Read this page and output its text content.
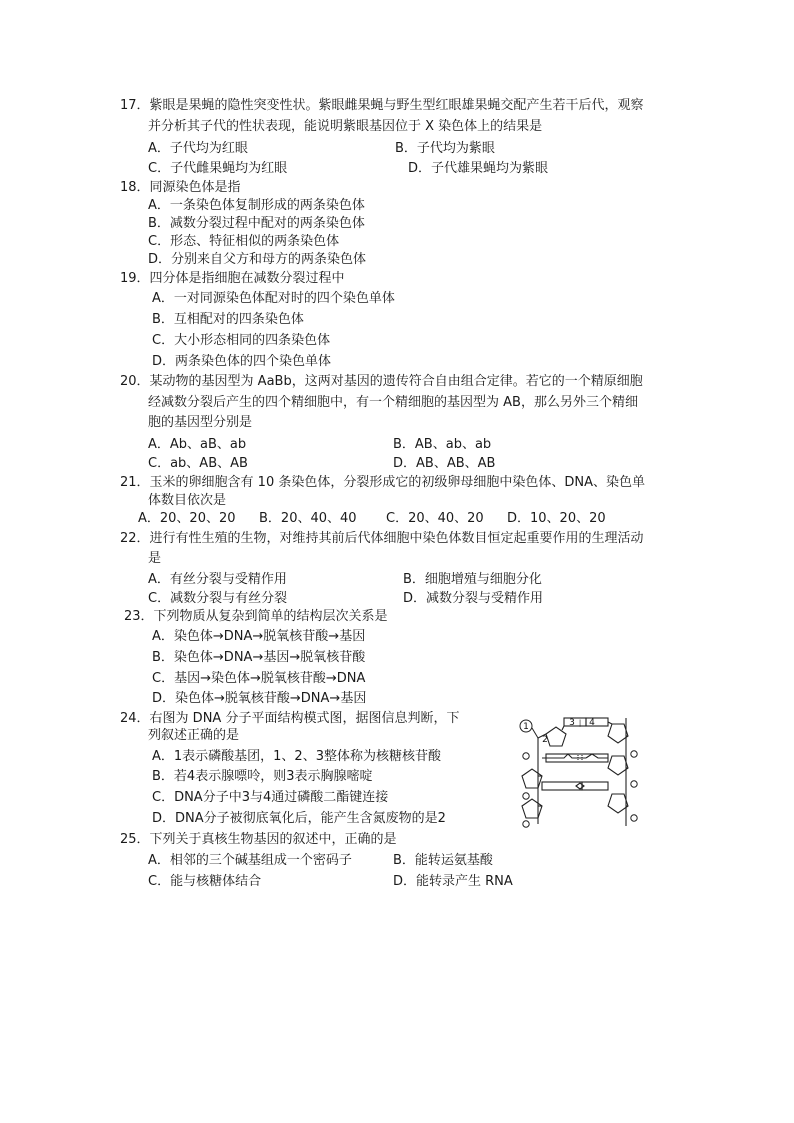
17．紫眼是果蝇的隐性突变性状。紫眼雌果蝇与野生型红眼雄果蝇交配产生若干后代，观察
并分析其子代的性状表现，能说明紫眼基因位于 X 染色体上的结果是
A．子代均为红眼	B．子代均为紫眼
C．子代雌果蝇均为红眼	D．子代雄果蝇均为紫眼
18．同源染色体是指
A．一条染色体复制形成的两条染色体
B．减数分裂过程中配对的两条染色体
C．形态、特征相似的两条染色体
D．分别来自父方和母方的两条染色体
19．四分体是指细胞在减数分裂过程中
A．一对同源染色体配对时的四个染色单体
B．互相配对的四条染色体
C．大小形态相同的四条染色体
D．两条染色体的四个染色单体
20．某动物的基因型为 AaBb，这两对基因的遗传符合自由组合定律。若它的一个精原细胞
经减数分裂后产生的四个精细胞中，有一个精细胞的基因型为 AB，那么另外三个精细
胞的基因型分别是
A．Ab、aB、ab	B．AB、ab、ab
C．ab、AB、AB	D．AB、AB、AB
21．玉米的卵细胞含有 10 条染色体，分裂形成它的初级卵母细胞中染色体、DNA、染色单
体数目依次是
A．20、20、20 B．20、40、40 C．20、40、20 D．10、20、20
22．进行有性生殖的生物，对维持其前后代体细胞中染色体数目恒定起重要作用的生理活动
是
A．有丝分裂与受精作用	B．细胞增殖与细胞分化
C．减数分裂与有丝分裂	D．减数分裂与受精作用
23．下列物质从复杂到简单的结构层次关系是
A．染色体→DNA→脱氧核苷酸→基因
B．染色体→DNA→基因→脱氧核苷酸
C．基因→染色体→脱氧核苷酸→DNA
D．染色体→脱氧核苷酸→DNA→基因
24．右图为 DNA 分子平面结构模式图，据图信息判断，下
列叙述正确的是
A．1表示磷酸基团，1、2、3整体称为核糖核苷酸
B．若4表示腺嘌呤，则3表示胸腺嘧啶
C．DNA分子中3与4通过磷酸二酯键连接
D．DNA分子被彻底氧化后，能产生含氮废物的是2
1
2
3 | 4
25．下列关于真核生物基因的叙述中，正确的是
A．相邻的三个碱基组成一个密码子	B．能转运氨基酸
C．能与核糖体结合	D．能转录产生 RNA
